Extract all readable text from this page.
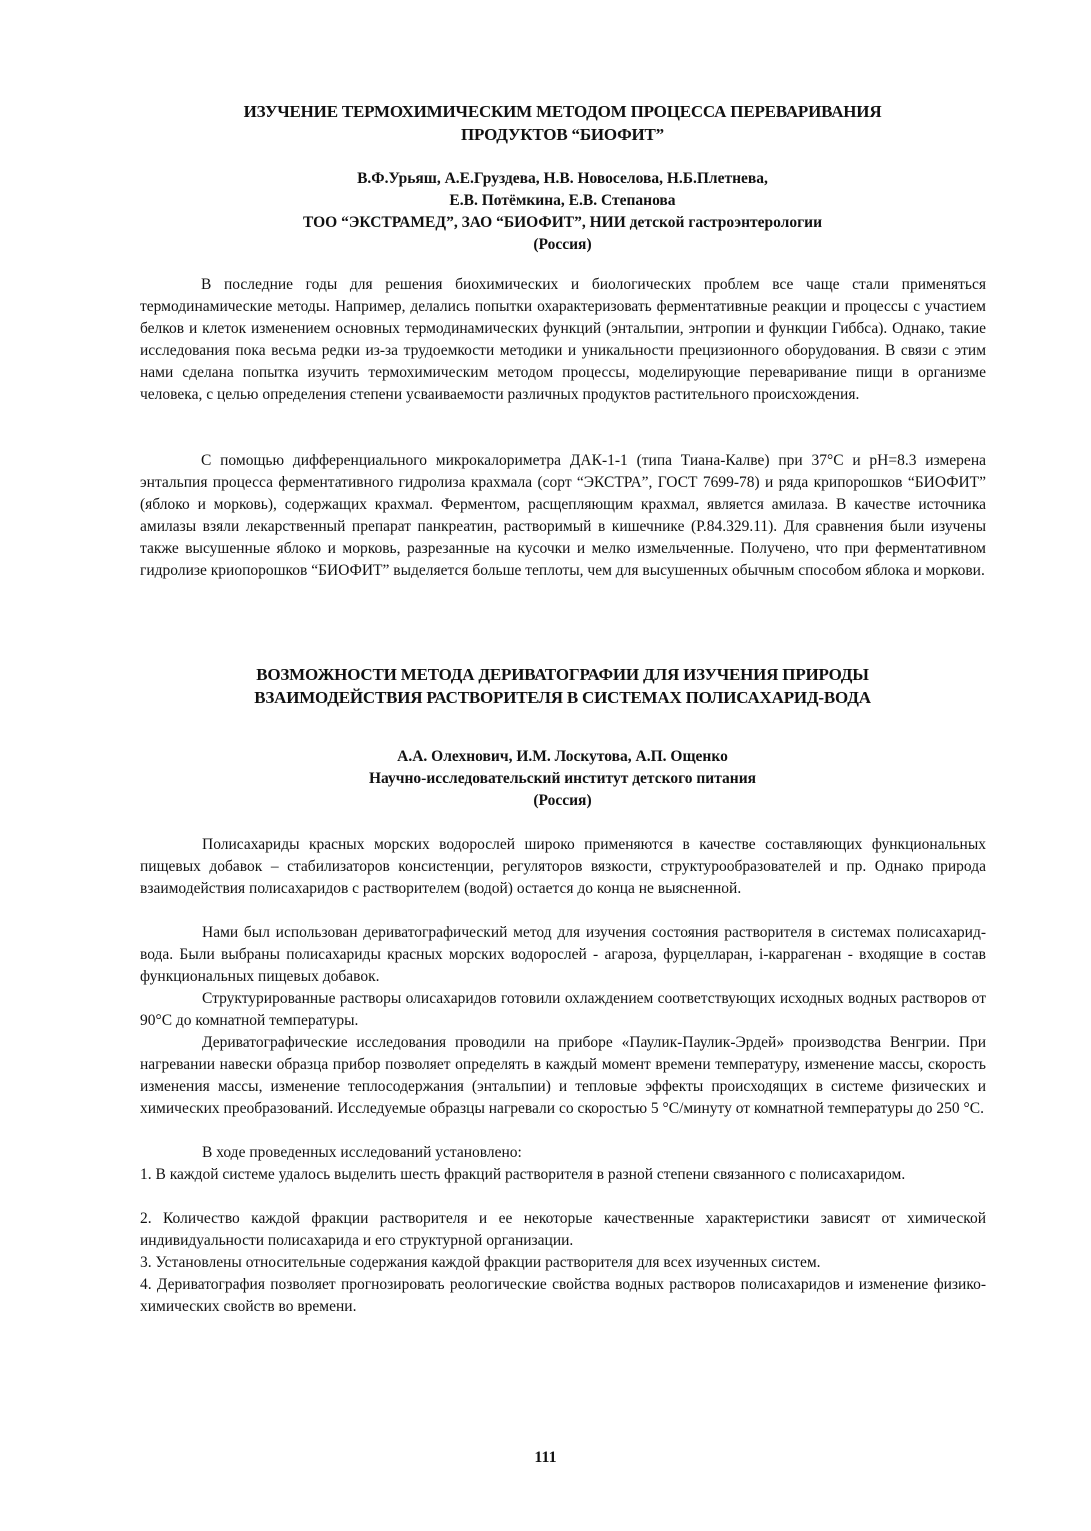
ИЗУЧЕНИЕ ТЕРМОХИМИЧЕСКИМ МЕТОДОМ ПРОЦЕССА ПЕРЕВАРИВАНИЯ
ПРОДУКТОВ “БИОФИТ”
В.Ф.Урьяш, А.Е.Груздева, Н.В. Новоселова, Н.Б.Плетнева,
Е.В. Потёмкина, Е.В. Степанова
ТОО “ЭКСТРАМЕД”, ЗАО “БИОФИТ”, НИИ детской гастроэнтерологии
(Россия)

В последние годы для решения биохимических и биологических проблем все чаще стали применяться термодинамические методы. Например, делались попытки охарактеризовать ферментативные реакции и процессы с участием белков и клеток изменением основных термодинамических функций (энтальпии, энтропии и функции Гиббса). Однако, такие исследования пока весьма редки из-за трудоемкости методики и уникальности прецизионного оборудования. В связи с этим нами сделана попытка изучить термохимическим методом процессы, моделирующие переваривание пищи в организме человека, с целью определения степени усваиваемости различных продуктов растительного происхождения.

С помощью дифференциального микрокалориметра ДАК-1-1 (типа Тиана-Калве) при 37°С и рН=8.3 измерена энтальпия процесса ферментативного гидролиза крахмала (сорт “ЭКСТРА”, ГОСТ 7699-78) и ряда крипорошков “БИОФИТ” (яблоко и морковь), содержащих крахмал. Ферментом, расщепляющим крахмал, является амилаза. В качестве источника амилазы взяли лекарственный препарат панкреатин, растворимый в кишечнике (Р.84.329.11). Для сравнения были изучены также высушенные яблоко и морковь, разрезанные на кусочки и мелко измельченные. Получено, что при ферментативном гидролизе криопорошков “БИОФИТ” выделяется больше теплоты, чем для высушенных обычным способом яблока и моркови.

ВОЗМОЖНОСТИ МЕТОДА ДЕРИВАТОГРАФИИ ДЛЯ ИЗУЧЕНИЯ ПРИРОДЫ
ВЗАИМОДЕЙСТВИЯ РАСТВОРИТЕЛЯ В СИСТЕМАХ ПОЛИСАХАРИД-ВОДА
А.А. Олехнович, И.М. Лоскутова, А.П. Ощенко
Научно-исследовательский институт детского питания
(Россия)

Полисахариды красных морских водорослей широко применяются в качестве составляющих функциональных пищевых добавок – стабилизаторов консистенции, регуляторов вязкости, структурообразователей и пр. Однако природа взаимодействия полисахаридов с растворителем (водой) остается до конца не выясненной.

Нами был использован дериватографический метод для изучения состояния растворителя в системах полисахарид-вода. Были выбраны полисахариды красных морских водорослей - агароза, фурцелларан, i-каррагенан - входящие в состав функциональных пищевых добавок.

Структурированные растворы олисахаридов готовили охлаждением соответствующих исходных водных растворов от 90°С до комнатной температуры.

Дериватографические исследования проводили на приборе «Паулик-Паулик-Эрдей» производства Венгрии. При нагревании навески образца прибор позволяет определять в каждый момент времени температуру, изменение массы, скорость изменения массы, изменение теплосодержания (энтальпии) и тепловые эффекты происходящих в системе физических и химических преобразований. Исследуемые образцы нагревали со скоростью 5 °С/минуту от комнатной температуры до 250 °С.

В ходе проведенных исследований установлено:

1. В каждой системе удалось выделить шесть фракций растворителя в разной степени связанного с полисахаридом.

2. Количество каждой фракции растворителя и ее некоторые качественные характеристики зависят от химической индивидуальности полисахарида и его структурной организации.

3. Установлены относительные содержания каждой фракции растворителя для всех изученных систем.

4. Дериватография позволяет прогнозировать реологические свойства водных растворов полисахаридов и изменение физико-химических свойств во времени.

111
